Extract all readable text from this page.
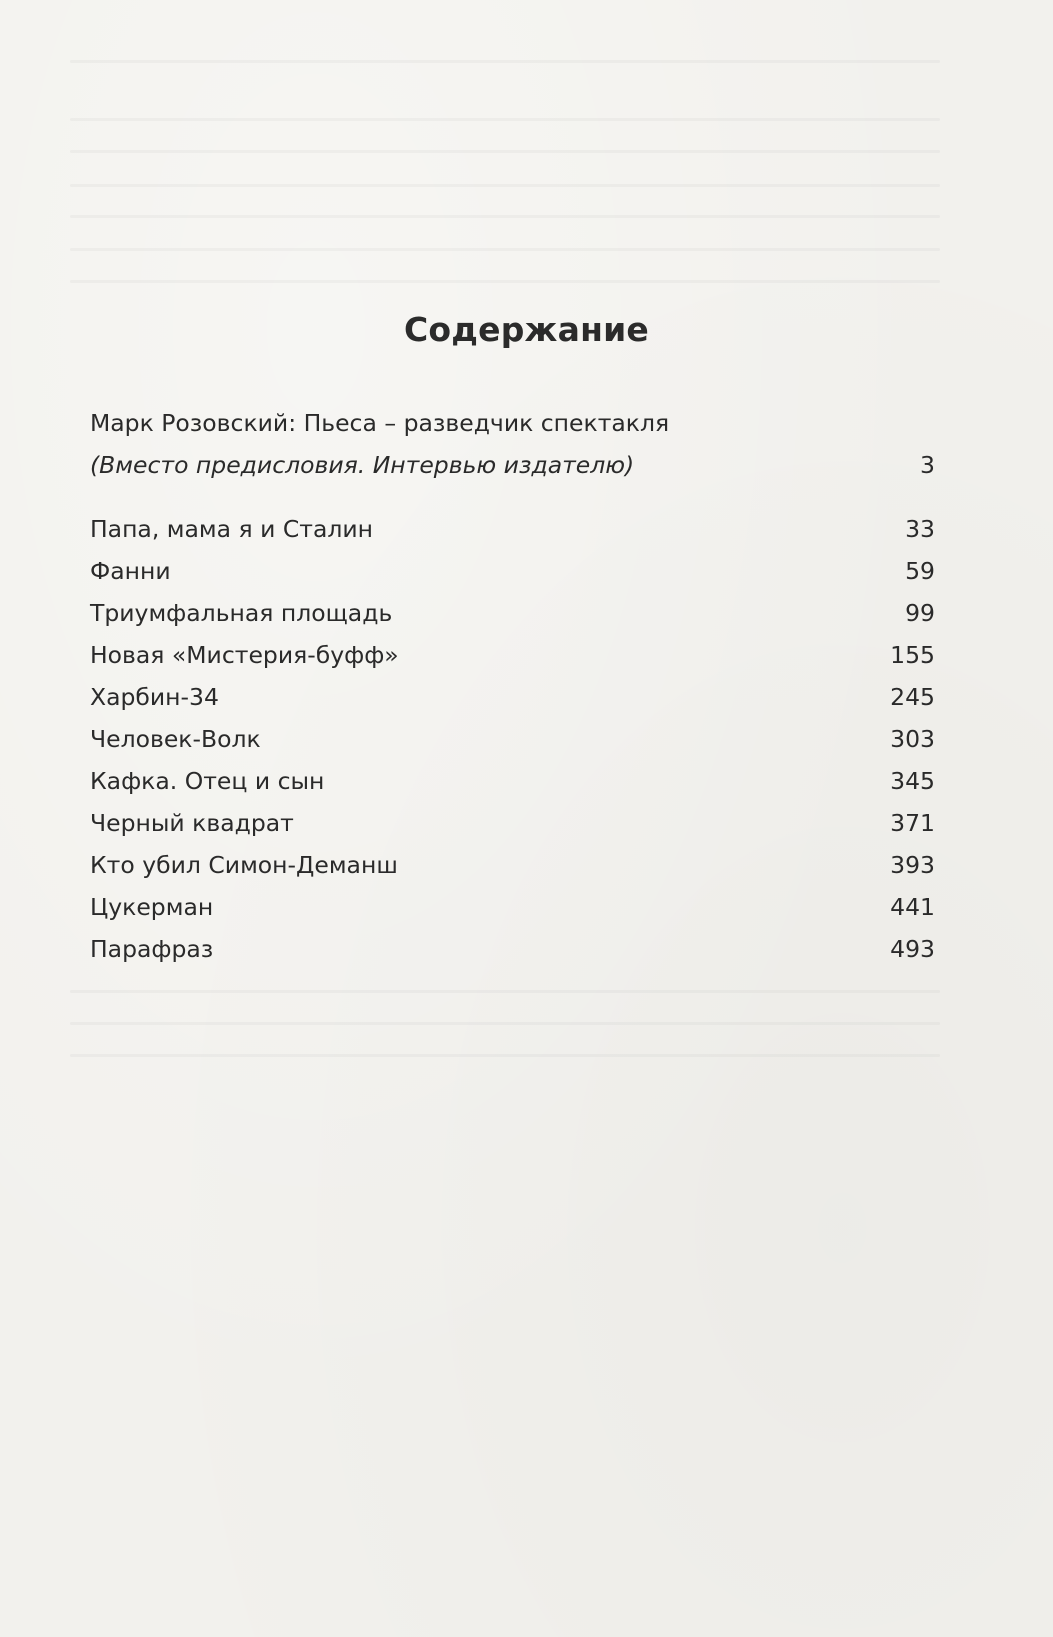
Содержание
Марк Розовский: Пьеса – разведчик спектакля
(Вместо предисловия. Интервью издателю) . . .	3
Папа, мама я и Сталин . . .	33
Фанни . . .	59
Триумфальная площадь . . .	99
Новая «Мистерия-буфф» . . .	155
Харбин-34 . . .	245
Человек-Волк . . .	303
Кафка. Отец и сын . . .	345
Черный квадрат . . .	371
Кто убил Симон-Деманш . . .	393
Цукерман . . .	441
Парафраз . . .	493
